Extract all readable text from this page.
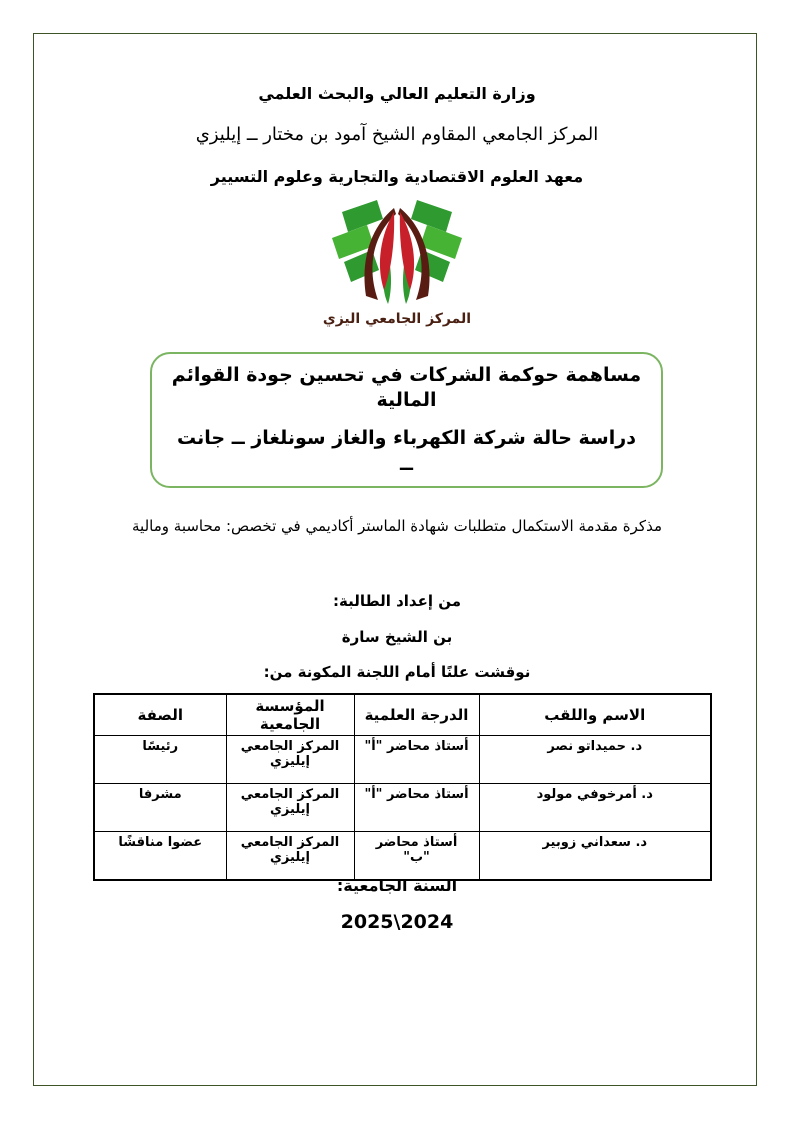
وزارة التعليم العالي والبحث العلمي

المركز الجامعي المقاوم الشيخ آمود بن مختار ــ إيليزي

معهد العلوم الاقتصادية والتجارية وعلوم التسيير

المركز الجامعي اليزي

مساهمة حوكمة الشركات في تحسين جودة القوائم المالية

دراسة حالة شركة الكهرباء والغاز سونلغاز ــ جانت ــ

مذكرة مقدمة الاستكمال متطلبات شهادة الماستر أكاديمي في تخصص: محاسبة ومالية

من إعداد الطالبة:

بن الشيخ سارة

نوقشت علنًا أمام اللجنة المكونة من:

الاسم واللقب	الدرجة العلمية	المؤسسة الجامعية	الصفة
د. حميداتو نصر	أستاذ محاضر "أ"	المركز الجامعي إيليزي	رئيسًا
د. أمرخوفي مولود	أستاذ محاضر "أ"	المركز الجامعي إيليزي	مشرفا
د. سعداني زوبير	أستاذ محاضر "ب"	المركز الجامعي إيليزي	عضوا مناقشًا

السنة الجامعية:

2025\2024
